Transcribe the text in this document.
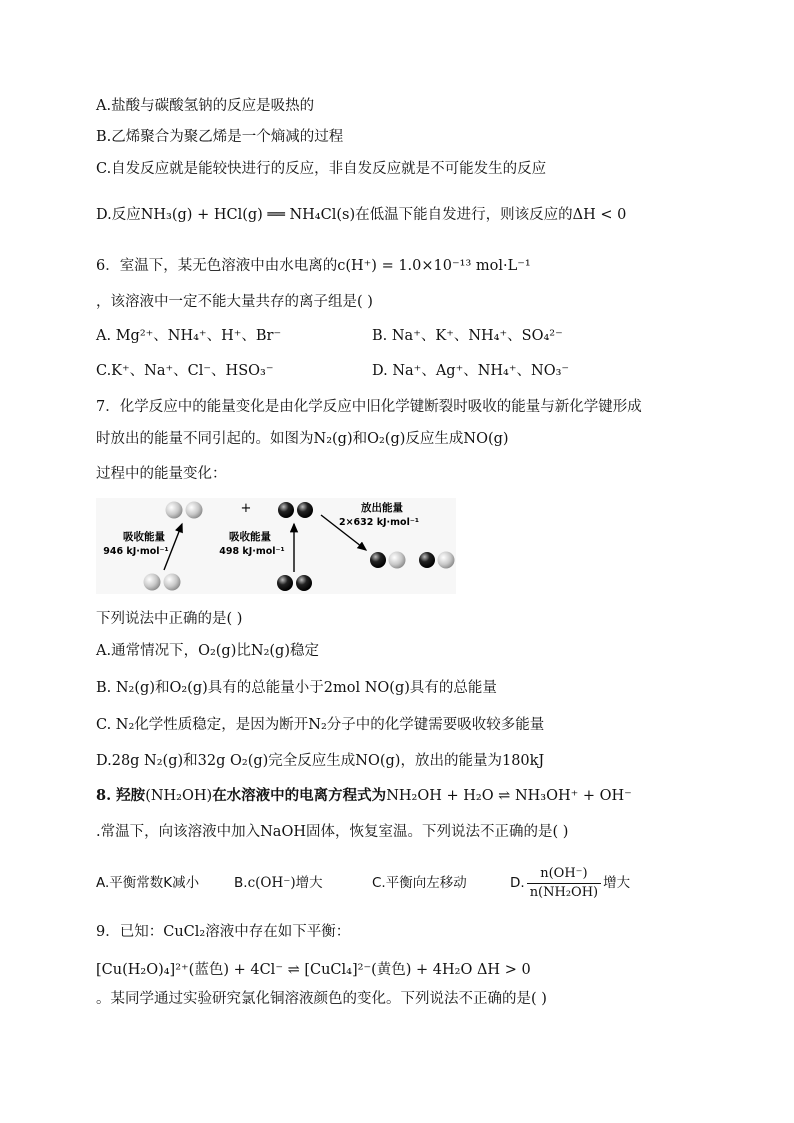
A.盐酸与碳酸氢钠的反应是吸热的
B.乙烯聚合为聚乙烯是一个熵减的过程
C.自发反应就是能较快进行的反应，非自发反应就是不可能发生的反应
D.反应NH₃(g) + HCl(g) ══ NH₄Cl(s)在低温下能自发进行，则该反应的ΔH < 0
6．室温下，某无色溶液中由水电离的c(H⁺) = 1.0×10⁻¹³ mol·L⁻¹
，该溶液中一定不能大量共存的离子组是( )
A. Mg²⁺、NH₄⁺、H⁺、Br⁻	B. Na⁺、K⁺、NH₄⁺、SO₄²⁻
C.K⁺、Na⁺、Cl⁻、HSO₃⁻	D. Na⁺、Ag⁺、NH₄⁺、NO₃⁻
7．化学反应中的能量变化是由化学反应中旧化学键断裂时吸收的能量与新化学键形成
时放出的能量不同引起的。如图为N₂(g)和O₂(g)反应生成NO(g)
过程中的能量变化：
吸收能量
946 kJ·mol⁻¹
+
吸收能量
498 kJ·mol⁻¹
放出能量
2×632 kJ·mol⁻¹
下列说法中正确的是( )
A.通常情况下，O₂(g)比N₂(g)稳定
B. N₂(g)和O₂(g)具有的总能量小于2mol NO(g)具有的总能量
C. N₂化学性质稳定，是因为断开N₂分子中的化学键需要吸收较多能量
D.28g N₂(g)和32g O₂(g)完全反应生成NO(g)，放出的能量为180kJ
8. 羟胺(NH₂OH)在水溶液中的电离方程式为NH₂OH + H₂O ⇌ NH₃OH⁺ + OH⁻
.常温下，向该溶液中加入NaOH固体，恢复室温。下列说法不正确的是( )
A.平衡常数K减小	B.c(OH⁻)增大	C.平衡向左移动	D. $\frac{n(OH^-)}{\text{n(NH₂OH)}}$ 增大
9．已知：CuCl₂溶液中存在如下平衡：
[Cu(H₂O)₄]²⁺(蓝色) + 4Cl⁻ ⇌ [CuCl₄]²⁻(黄色) + 4H₂O ΔH > 0
。某同学通过实验研究氯化铜溶液颜色的变化。下列说法不正确的是( )
